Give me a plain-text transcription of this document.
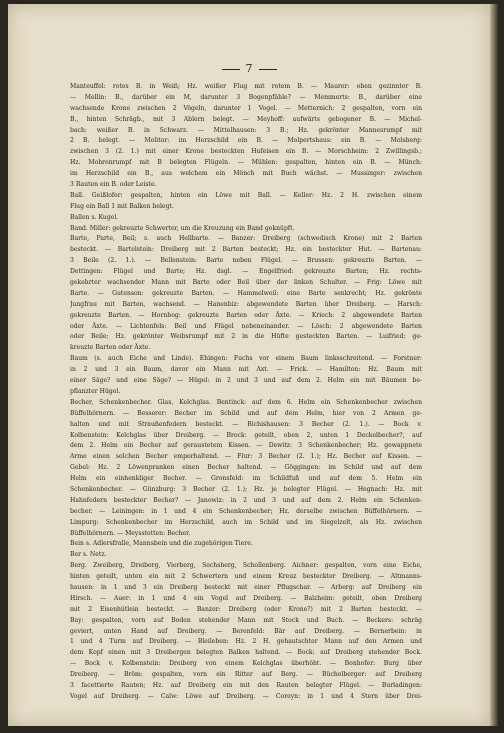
7
Manteuffel: rotes B. in Weiß; Hz. weißer Flug mit rotem B. — Maurer: oben gezinnter B.
— Mellin: B., darüber ein M, darunter 3 Bogenpfähle? — Memmerts: B., darüber eine
wachsende Krone zwischen 2 Vögeln, darunter 1 Vogel. — Metternich: 2 gespalten, vorn ein
B., hinten Schrägb., mit 3 Ablern belegt. — Meyhoff: aufwärts gebogener B. — Michel-
bach: weißer B. in Schwarz. — Mittelhausen: 3 B.; Hz. gekrönter Mannesrumpf mit
2 B. belegt. — Molitor: im Herzschild ein B. — Molpertshaus: ein B. — Molsberg:
zwischen 3 (2. 1.) mit einer Krone besteckten Hufeisen ein B. — Morschheim: 2 Zwillingsb.;
Hz. Mohrenrumpf mit B belegten Flügeln. — Mühlen: gespalten, hinten ein B. — Münch:
im Herzschild ein B., aus welchem ein Mönch mit Buch wächst. — Mussinger: zwischen
3 Rauten ein B. oder Leiste.
Ball. Geißlofer: gespalten, hinten ein Löwe mit Ball. — Keller: Hz. 2 H. zwischen einem
Flug ein Ball 1 mit Balken belegt.
Ballen s. Kugel.
Band. Miller: gekreuzte Schwerter, um die Kreuzung ein Band geknüpft.
Barte, Parte, Beil; s. auch Hellbarte. — Banzer: Dreiberg (schwedisch Krone) mit 2 Barten
besteckt. — Bartelstein: Dreiberg mit 2 Barten besteckt; Hz. ein besteckter Hut. — Bartenau:
3 Beile (2. 1.). — Bellenstein: Barte neben Flügel. — Brussen: gekreuzte Barten. —
Dettingen: Flügel und Barte; Hz. dsgl. — Engelfried: gekreuzte Barten; Hz. rechts-
gekehrter wachsender Mann mit Barte oder Beil über der linken Schulter. — Frig: Löwe mit
Barte. — Gutenson: gekreuzte Barten. — Hammelweil: eine Barte senkrecht; Hz. gekrönte
Jungfrau mit Barten, wachsend. — Hanenbiz: abgewendete Barten über Dreiberg. — Harsch:
gekreuzte Barten. — Hornbog: gekreuzte Barten oder Äxte. — Kriech: 2 abgewendete Barten
oder Äxte. — Lichtenfels: Beil und Flügel nebeneinander. — Lösch: 2 abgewendete Barten
oder Beile; Hz. gekrönter Weibsrumpf mit 2 in die Hüfte gesteckten Barten. — Luifried: ge-
kreuzte Barten oder Äxte.
Baum (s. auch Eiche und Linde). Ehingen: Fuchs vor einem Baum linksschreitend. — Forstner:
in 2 und 3 ein Baum, davor ein Mann mit Axt. — Frick. — Hamilton: Hz. Baum mit
einer Säge? und eine Säge? — Hügel: in 2 und 3 und auf dem 2. Helm ein mit Bäumen be-
pflanzter Hügel.
Becher, Schenkenbecher. Glas, Kelchglas. Bentinck: auf dem 6. Helm ein Schenkenbecher zwischen
Büffelhörnern. — Besserer: Becher im Schild und auf dem Helm, hier von 2 Armen ge-
halten und mit Straußenfedern besteckt. — Bichishausen: 3 Becher (2. 1.). — Bock v.
Kolbenstein: Kelchglas über Dreiberg. — Brock: geteilt, oben 2, unten 1 Deckelbecher?, auf
dem 2. Helm ein Becher auf geraustetem Kissen. — Dewitz: 3 Schenkenbecher; Hz. gewappnete
Arme einen solchen Becher emporhaltend. — Flur: 3 Becher (2. 1.); Hz. Becher auf Kissen. —
Gebel: Hz. 2 Löwenpranken einen Becher haltend. — Göggingen: im Schild und auf dem
Helm ein einhenkliger Becher. — Gronsfeld: im Schildfuß und auf dem 5. Helm ein
Schenkenbecher. — Günzburg: 3 Becher (2. 1.); Hz. je belegter Flügel. — Hegnach: Hz. mit
Hahnfedern besteckter Becher? — Janowiz: in 2 und 3 und auf dem 2. Helm ein Schenken-
becher. — Leiningen: in 1 und 4 ein Schenkenbecher; Hz. derselbe zwischen Büffelhörnern. —
Limpurg: Schenkenbecher im Herzschild, auch im Schild und im Siegelzelt, als Hz. zwischen
Büffelhörnern. — Meysstetten: Becher.
Bein s. Adlersfralle, Mannsbein und die zugehörigen Tiere.
Ber s. Netz.
Berg. Zweiberg, Dreiberg, Vierberg, Sechsberg, Schollenberg. Aichner: gespalten, vorn eine Eiche,
hinten geteilt, unten ein mit 2 Schwertern und einem Kreuz besteckter Dreiberg. — Altmanns-
hausen: in 1 und 3 ein Dreiberg besteckt mit einer Pflugschar. — Arberg: auf Dreiberg ein
Hirsch. — Auer: in 1 und 4 ein Vogel auf Dreiberg. — Balzheim: geteilt, oben Dreiberg
mit 2 Eisenhütlein besteckt. — Banzer: Dreiberg (oder Krone?) mit 2 Barten besteckt. —
Bay: gespalten, vorn auf Boden stehender Mann mit Stock und Buch. — Beckers: schräg
geviert, unten Hand auf Dreiberg. — Berenfeld: Bär auf Dreiberg. — Bernerbein: in
1 und 4 Turm auf Dreiberg. — Bleileben: Hz. 2 H. gehautschter Mann auf den Armen und
dem Kopf einen mit 3 Dreibergen belegten Balken haltend. — Bock: auf Dreiberg stehender Bock.
— Bock v. Kolbenstein: Dreiberg von einem Kelchglas überhöht. — Bonhofer: Burg über
Dreiberg. — Bröm: gespalten, vorn ein Ritter auf Berg. — Büchelberger: auf Dreiberg
3 facettierte Rauten; Hz. auf Dreiberg ein mit den Rauten belegter Flügel. — Burladingen:
Vogel auf Dreiberg. — Calw: Löwe auf Dreiberg. — Coreyn: in 1 und 4 Stern über Drei-
